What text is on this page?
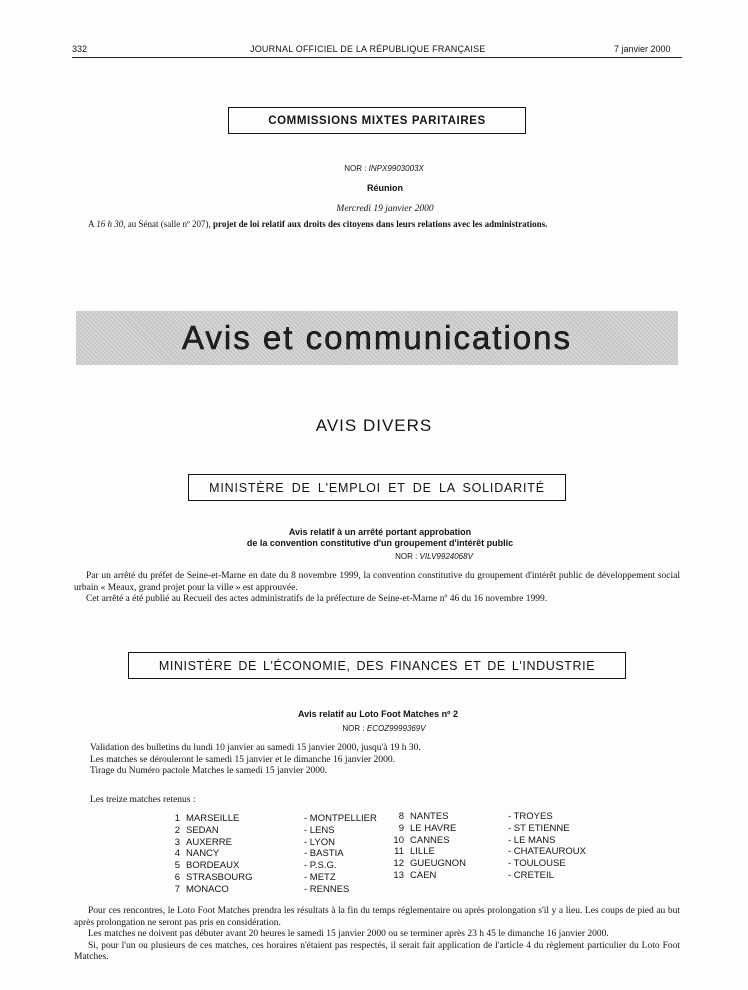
332	JOURNAL OFFICIEL DE LA RÉPUBLIQUE FRANÇAISE	7 janvier 2000
COMMISSIONS MIXTES PARITAIRES
NOR : INPX9903003X
Réunion
Mercredi 19 janvier 2000
A 16 h 30, au Sénat (salle nº 207), projet de loi relatif aux droits des citoyens dans leurs relations avec les administrations.
Avis et communications
AVIS DIVERS
MINISTÈRE DE L'EMPLOI ET DE LA SOLIDARITÉ
Avis relatif à un arrêté portant approbation
de la convention constitutive d'un groupement d'intérêt public
NOR : VILV9924068V
Par un arrêté du préfet de Seine-et-Marne en date du 8 novembre 1999, la convention constitutive du groupement d'intérêt public de développement social urbain « Meaux, grand projet pour la ville » est approuvée.
Cet arrêté a été publié au Recueil des actes administratifs de la préfecture de Seine-et-Marne nº 46 du 16 novembre 1999.
MINISTÈRE DE L'ÉCONOMIE, DES FINANCES ET DE L'INDUSTRIE
Avis relatif au Loto Foot Matches nº 2
NOR : ECOZ9999369V
Validation des bulletins du lundi 10 janvier au samedi 15 janvier 2000, jusqu'à 19 h 30.
Les matches se dérouleront le samedi 15 janvier et le dimanche 16 janvier 2000.
Tirage du Numéro pactole Matches le samedi 15 janvier 2000.
Les treize matches retenus :
1	MARSEILLE	- MONTPELLIER
2	SEDAN	- LENS
3	AUXERRE	- LYON
4	NANCY	- BASTIA
5	BORDEAUX	- P.S.G.
6	STRASBOURG	- METZ
7	MONACO	- RENNES
8	NANTES	- TROYES
9	LE HAVRE	- ST ETIENNE
10	CANNES	- LE MANS
11	LILLE	- CHATEAUROUX
12	GUEUGNON	- TOULOUSE
13	CAEN	- CRETEIL
Pour ces rencontres, le Loto Foot Matches prendra les résultats à la fin du temps réglementaire ou après prolongation s'il y a lieu. Les coups de pied au but après prolongation ne seront pas pris en considération.
Les matches ne doivent pas débuter avant 20 heures le samedi 15 janvier 2000 ou se terminer après 23 h 45 le dimanche 16 janvier 2000.
Si, pour l'un ou plusieurs de ces matches, ces horaires n'étaient pas respectés, il serait fait application de l'article 4 du règlement particulier du Loto Foot Matches.
